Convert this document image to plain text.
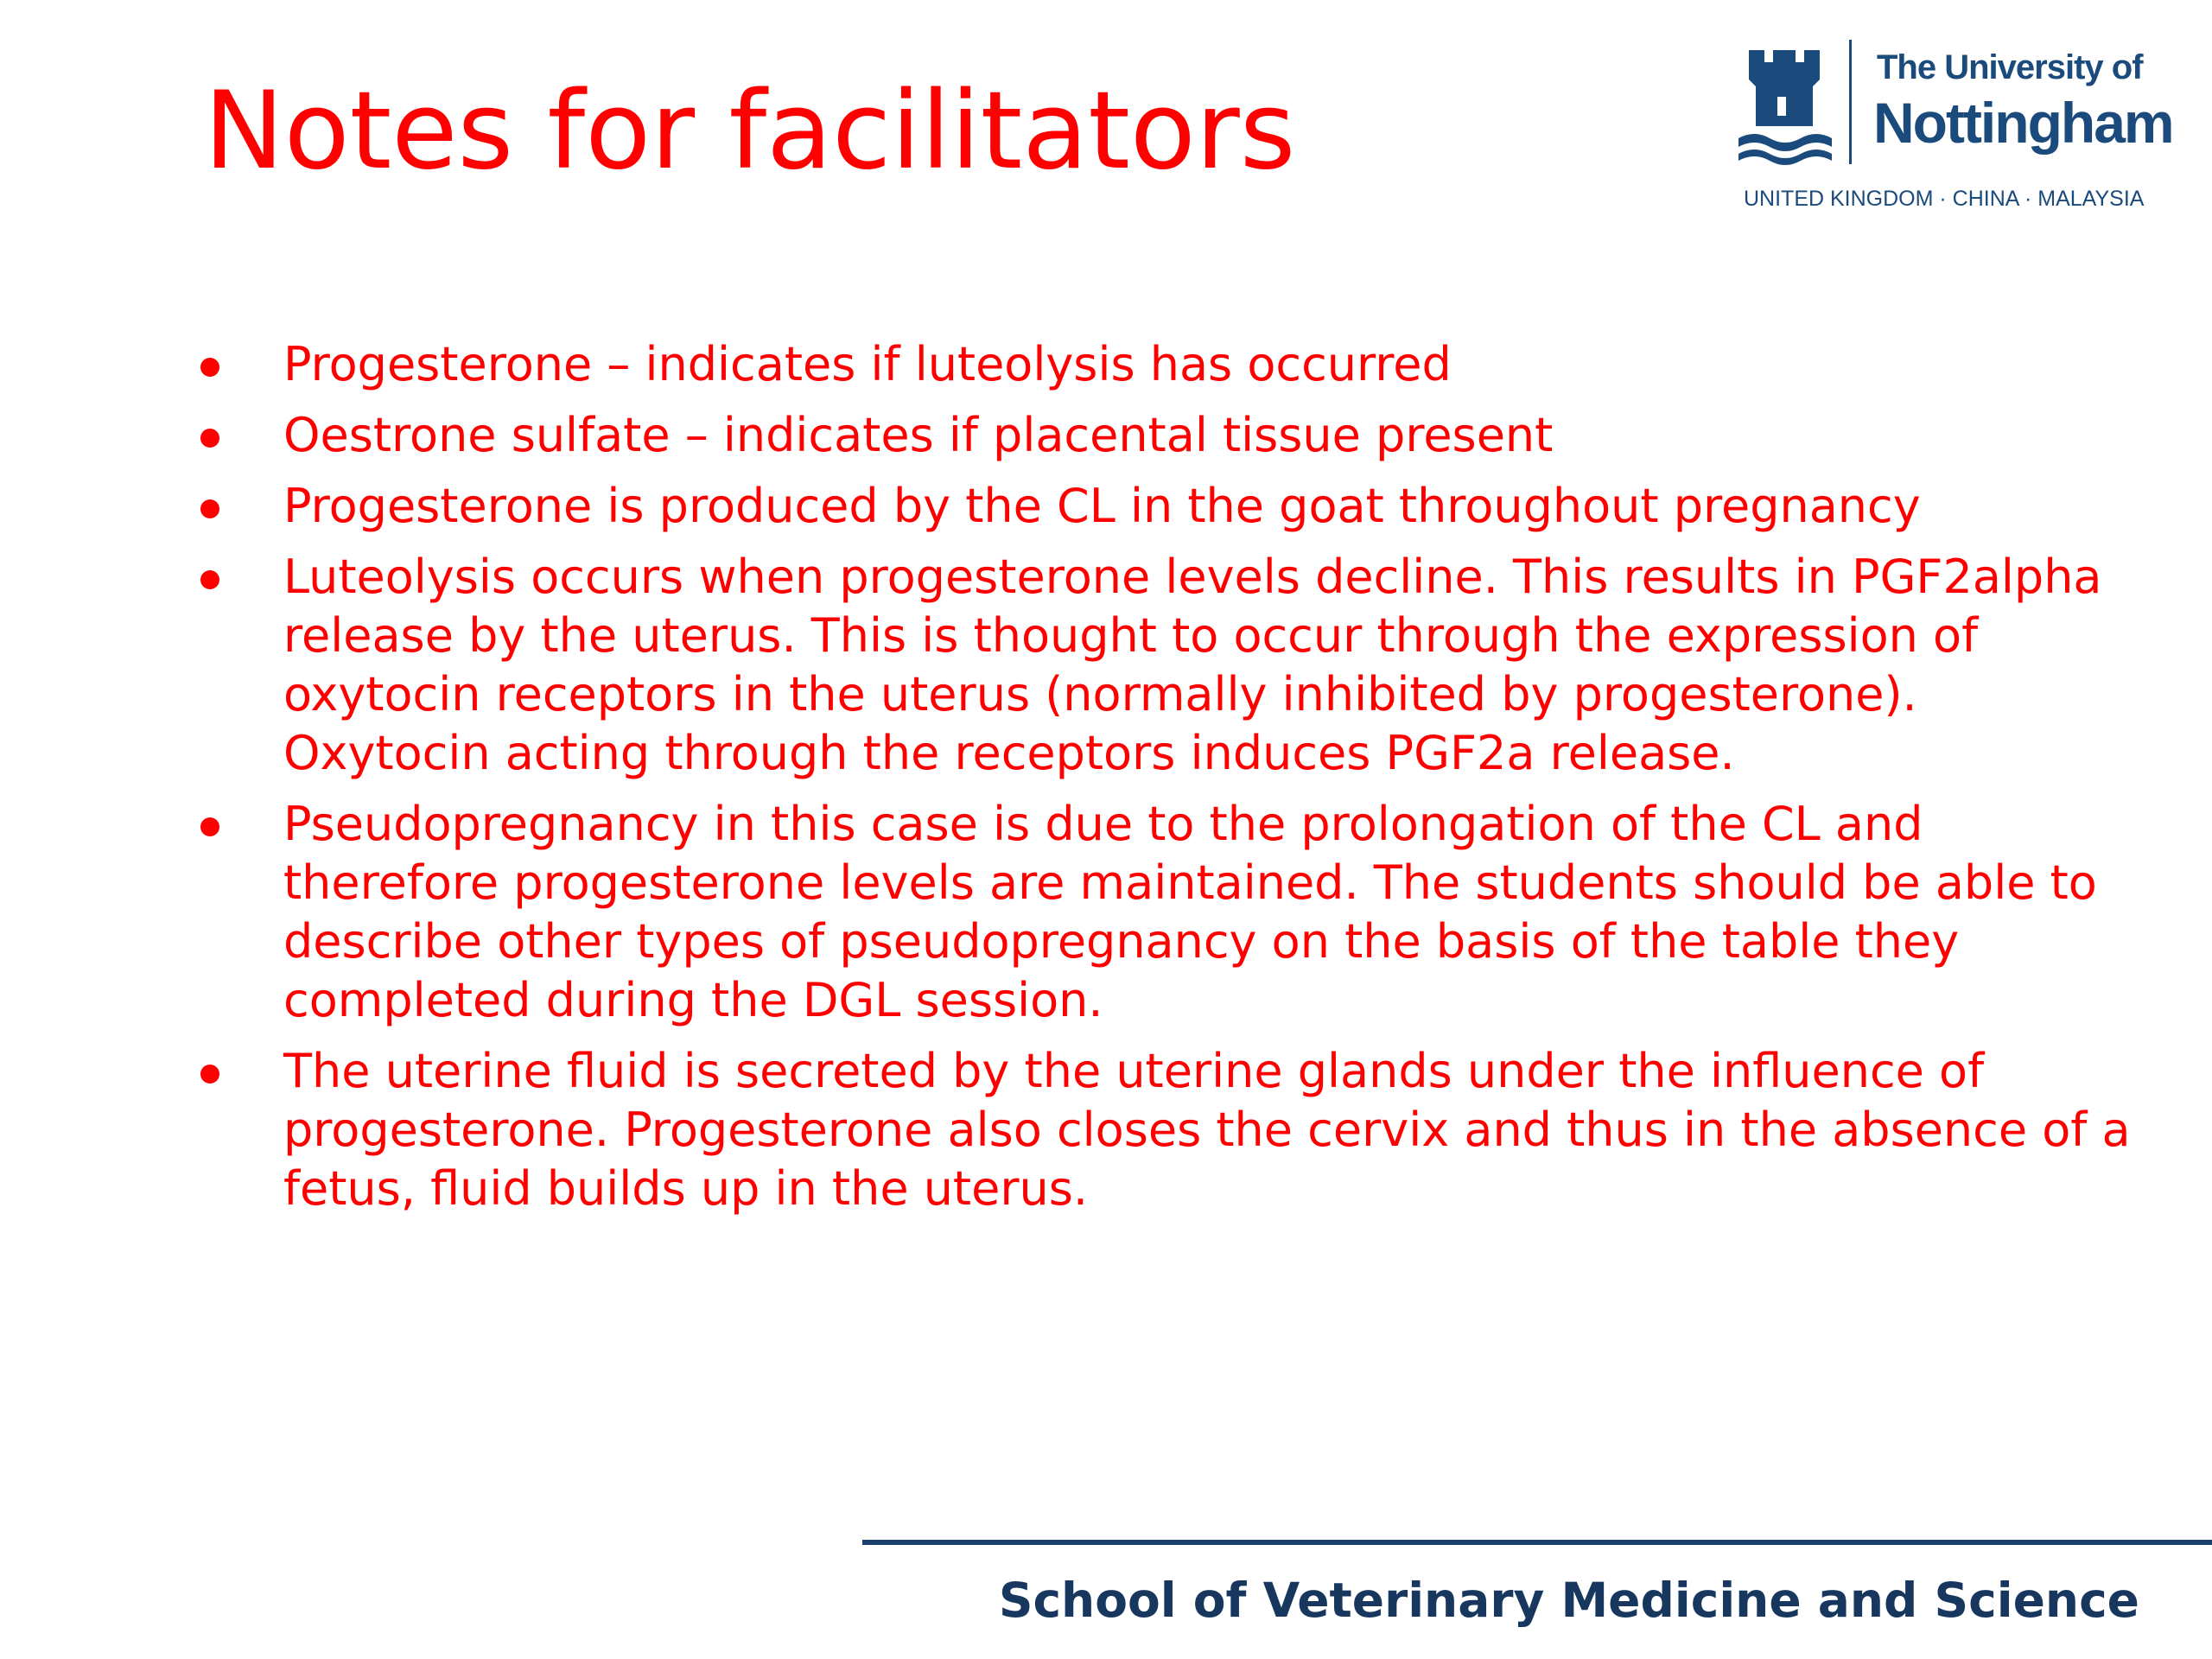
Notes for facilitators

The University of

Nottingham

UNITED KINGDOM · CHINA · MALAYSIA

Progesterone – indicates if luteolysis has occurred
Oestrone sulfate – indicates if placental tissue present
Progesterone is produced by the CL in the goat throughout pregnancy
Luteolysis occurs when progesterone levels decline. This results in PGF2alpha release by the uterus. This is thought to occur through the expression of oxytocin receptors in the uterus (normally inhibited by progesterone). Oxytocin acting through the receptors induces PGF2a release.
Pseudopregnancy in this case is due to the prolongation of the CL and therefore progesterone levels are maintained. The students should be able to describe other types of pseudopregnancy on the basis of the table they completed during the DGL session.
The uterine fluid is secreted by the uterine glands under the influence of progesterone. Progesterone also closes the cervix and thus in the absence of a fetus, fluid builds up in the uterus.

School of Veterinary Medicine and Science
